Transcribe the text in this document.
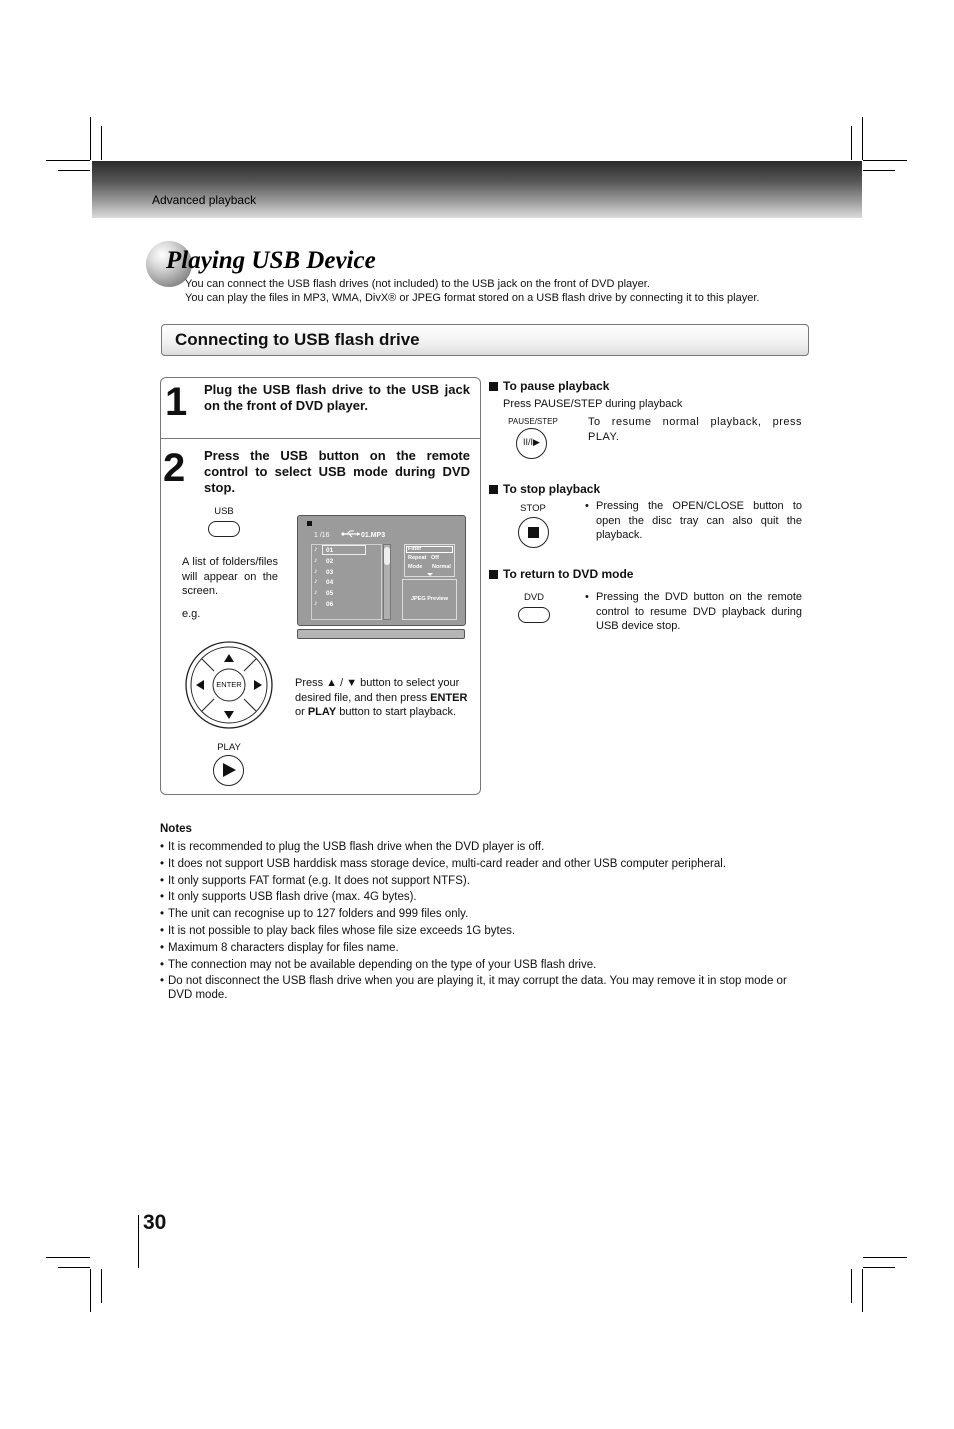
Advanced playback
Playing USB Device
You can connect the USB flash drives (not included) to the USB jack on the front of DVD player.
You can play the files in MP3, WMA, DivX® or JPEG format stored on a USB flash drive by connecting it to this player.
Connecting to USB flash drive
1 Plug the USB flash drive to the USB jack on the front of DVD player.
2 Press the USB button on the remote control to select USB mode during DVD stop.
USB
A list of folders/files will appear on the screen.
e.g.
1 /16	01.MP3
♪ 01
♪ 02
♪ 03
♪ 04
♪ 05
♪ 06
Filter
Repeat Off
Mode Normal
JPEG Preview
ENTER
PLAY
Press ▲ / ▼ button to select your desired file, and then press ENTER or PLAY button to start playback.
To pause playback
Press PAUSE/STEP during playback
PAUSE/STEP
II/I▶
To resume normal playback, press PLAY.
To stop playback
STOP	• Pressing the OPEN/CLOSE button to open the disc tray can also quit the playback.
To return to DVD mode
DVD	• Pressing the DVD button on the remote control to resume DVD playback during USB device stop.
Notes
• It is recommended to plug the USB flash drive when the DVD player is off.
• It does not support USB harddisk mass storage device, multi-card reader and other USB computer peripheral.
• It only supports FAT format (e.g. It does not support NTFS).
• It only supports USB flash drive (max. 4G bytes).
• The unit can recognise up to 127 folders and 999 files only.
• It is not possible to play back files whose file size exceeds 1G bytes.
• Maximum 8 characters display for files name.
• The connection may not be available depending on the type of your USB flash drive.
• Do not disconnect the USB flash drive when you are playing it, it may corrupt the data. You may remove it in stop mode or DVD mode.
30
